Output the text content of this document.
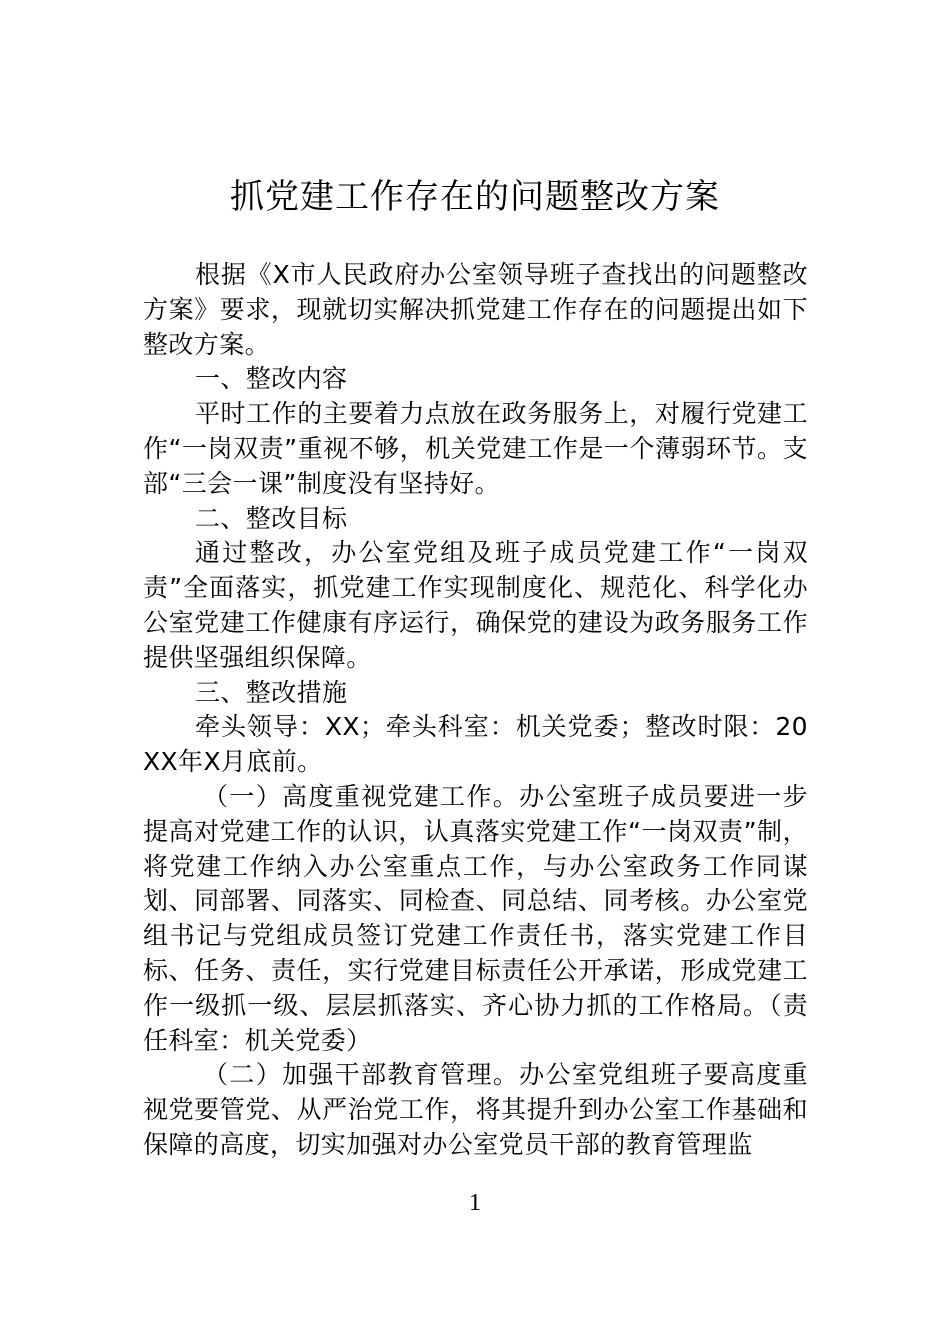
抓党建工作存在的问题整改方案

根据《X市人民政府办公室领导班子查找出的问题整改方案》要求，现就切实解决抓党建工作存在的问题提出如下整改方案。

一、整改内容

平时工作的主要着力点放在政务服务上，对履行党建工作“一岗双责”重视不够，机关党建工作是一个薄弱环节。支部“三会一课”制度没有坚持好。

二、整改目标

通过整改，办公室党组及班子成员党建工作“一岗双责”全面落实，抓党建工作实现制度化、规范化、科学化办公室党建工作健康有序运行，确保党的建设为政务服务工作提供坚强组织保障。

三、整改措施

牵头领导：XX；牵头科室：机关党委；整改时限：20XX年X月底前。

（一）高度重视党建工作。办公室班子成员要进一步提高对党建工作的认识，认真落实党建工作“一岗双责”制，将党建工作纳入办公室重点工作，与办公室政务工作同谋划、同部署、同落实、同检查、同总结、同考核。办公室党组书记与党组成员签订党建工作责任书，落实党建工作目标、任务、责任，实行党建目标责任公开承诺，形成党建工作一级抓一级、层层抓落实、齐心协力抓的工作格局。（责任科室：机关党委）

（二）加强干部教育管理。办公室党组班子要高度重视党要管党、从严治党工作，将其提升到办公室工作基础和保障的高度，切实加强对办公室党员干部的教育管理监

1
